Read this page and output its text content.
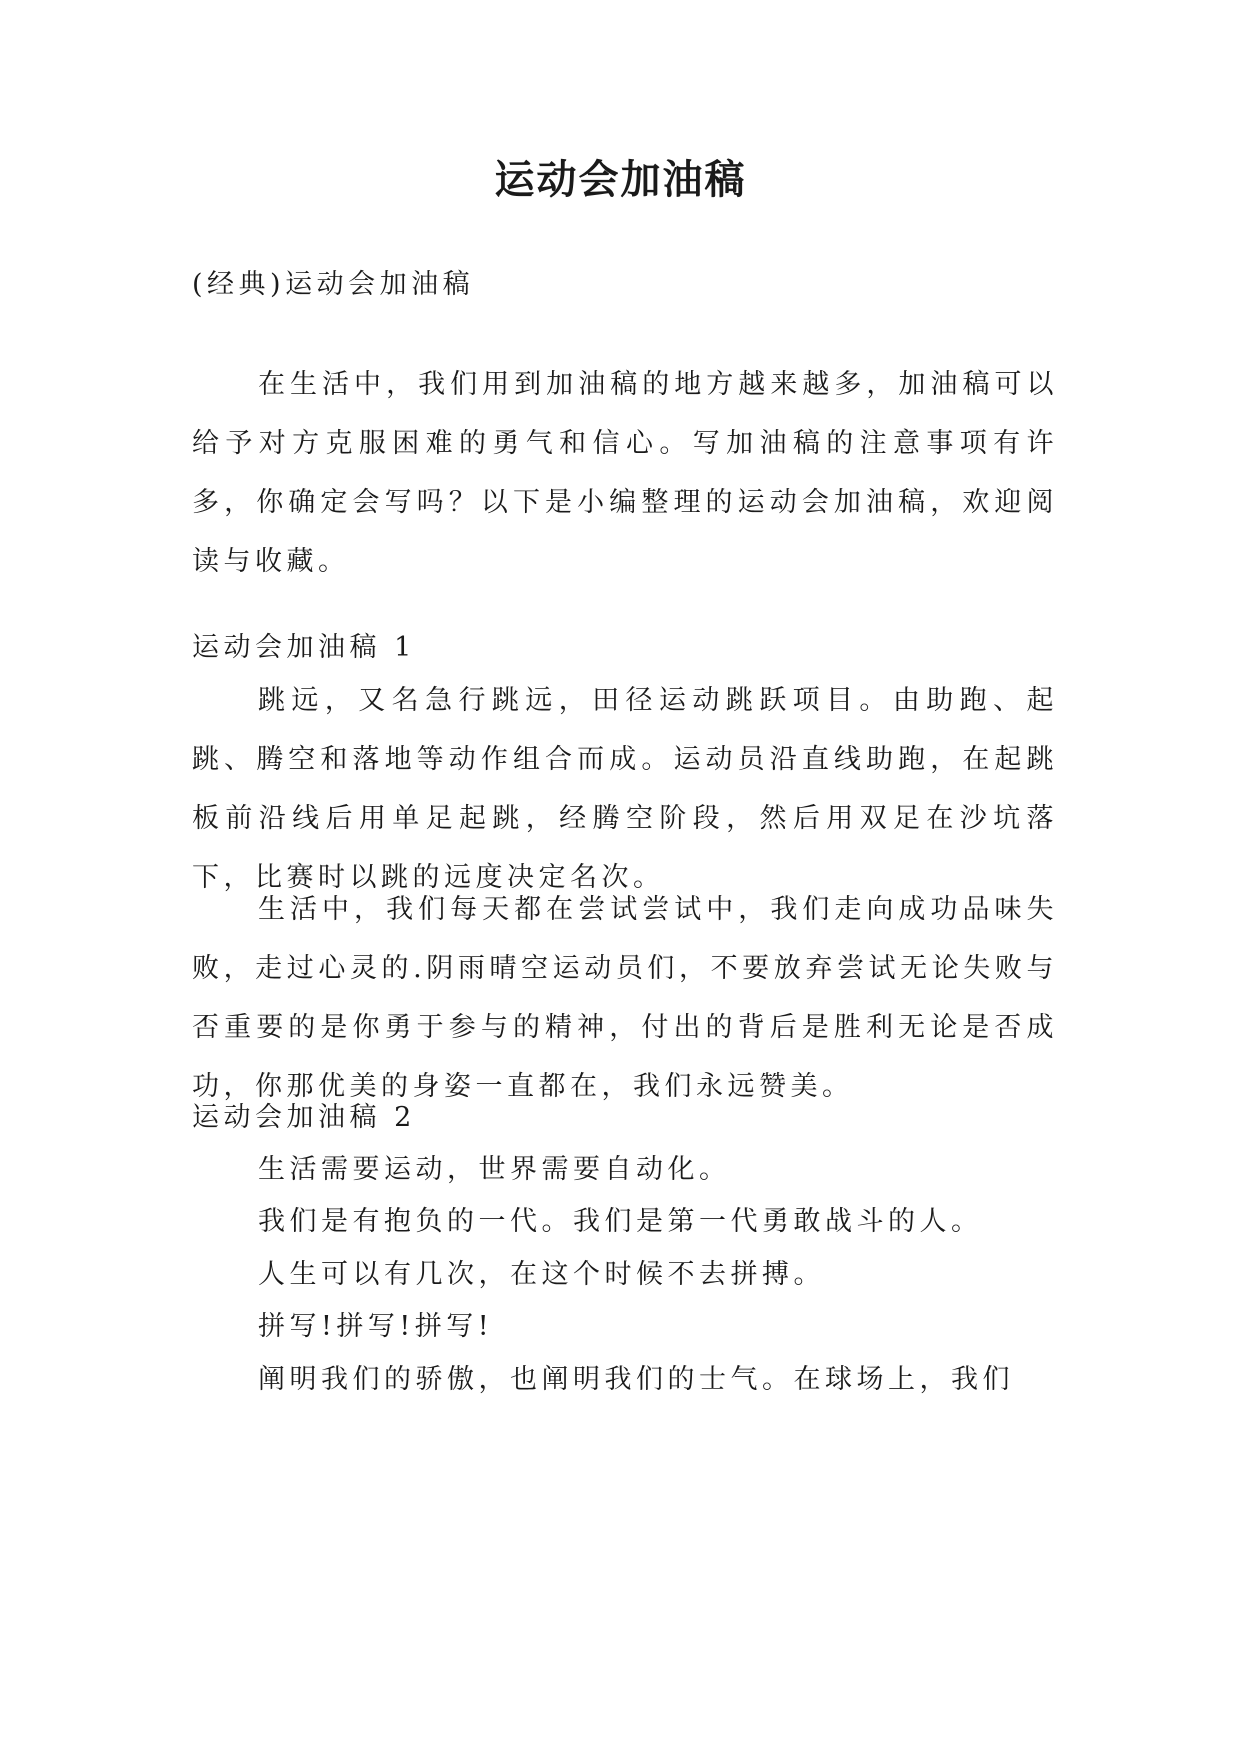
运动会加油稿

(经典)运动会加油稿

在生活中，我们用到加油稿的地方越来越多，加油稿可以给予对方克服困难的勇气和信心。写加油稿的注意事项有许多，你确定会写吗？以下是小编整理的运动会加油稿，欢迎阅读与收藏。

运动会加油稿 1

跳远，又名急行跳远，田径运动跳跃项目。由助跑、起跳、腾空和落地等动作组合而成。运动员沿直线助跑，在起跳板前沿线后用单足起跳，经腾空阶段，然后用双足在沙坑落下，比赛时以跳的远度决定名次。

生活中，我们每天都在尝试尝试中，我们走向成功品味失败，走过心灵的.阴雨晴空运动员们，不要放弃尝试无论失败与否重要的是你勇于参与的精神，付出的背后是胜利无论是否成功，你那优美的身姿一直都在，我们永远赞美。

运动会加油稿 2

生活需要运动，世界需要自动化。

我们是有抱负的一代。我们是第一代勇敢战斗的人。

人生可以有几次，在这个时候不去拼搏。

拼写!拼写!拼写!

阐明我们的骄傲，也阐明我们的士气。在球场上，我们
